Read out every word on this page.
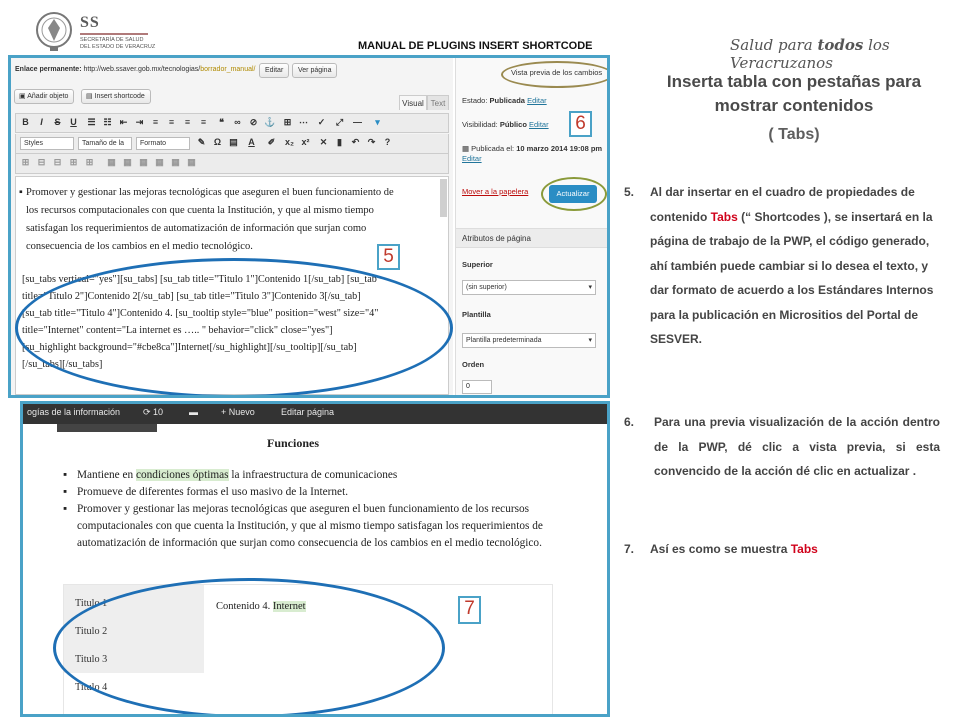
SS
SECRETARÍA DE SALUD
DEL ESTADO DE VERACRUZ	MANUAL DE PLUGINS INSERT SHORTCODE	Salud para todos los Veracruzanos
Enlace permanente: http://web.ssaver.gob.mx/tecnologias/borrador_manual/	Editar	Ver página
▣ Añadir objeto	▤ Insert shortcode
Visual Text
B	I	S U ☰ ☷ ⇤ ⇥	≡	≡	≡	≡	❝	∞ ⊘ ⚓ ⊞ ⋯ ✓ ⤢ —	▾
Styles	Tamaño de la	Formato	✎ Ω ▤ A ✐ x₂ x² ✕	▮	↶ ↷	?
⊞ ⊟ ⊟ ⊞ ⊞ ▦ ▦ ▦ ▦ ▦ ▦
▪ Promover y gestionar las mejoras tecnológicas que aseguren el buen funcionamiento de los recursos computacionales con que cuenta la Institución, y que al mismo tiempo satisfagan los requerimientos de automatización de información que surjan como consecuencia de los cambios en el medio tecnológico.
[su_tabs vertical="yes"][su_tabs] [su_tab title="Titulo 1"]Contenido 1[/su_tab] [su_tab title="Titulo 2"]Contenido 2[/su_tab] [su_tab title="Titulo 3"]Contenido 3[/su_tab] [su_tab title="Titulo 4"]Contenido 4. [su_tooltip style="blue" position="west" size="4" title="Internet" content="La internet es ….. " behavior="click" close="yes"] [su_highlight background="#cbe8ca"]Internet[/su_highlight][/su_tooltip][/su_tab] [/su_tabs][/su_tabs]
5
Vista previa de los cambios
Estado: Publicada Editar
Visibilidad: Público Editar
▦ Publicada el: 10 marzo 2014 19:08 pm
Editar
Mover a la papelera	Actualizar
6
Atributos de página
Superior
(sin superior)	▾
Plantilla
Plantilla predeterminada	▾
Orden
0
Inserta tabla con pestañas para mostrar contenidos
( Tabs)
5.	Al dar insertar en el cuadro de propiedades de contenido Tabs (“ Shortcodes ), se insertará en la página de trabajo de la PWP, el código generado, ahí también puede cambiar si lo desea el texto, y dar formato de acuerdo a los Estándares Internos para la publicación en Micrositios del Portal de SESVER.
6.	Para una previa visualización de la acción dentro de la PWP, dé clic a vista previa, si esta convencido de la acción dé clic en actualizar .
7.	Así es como se muestra Tabs
ogías de la información	⟳ 10	▬	+ Nuevo	Editar página
Funciones
▪ Mantiene en condiciones óptimas la infraestructura de comunicaciones
▪ Promueve de diferentes formas el uso masivo de la Internet.
▪ Promover y gestionar las mejoras tecnológicas que aseguren el buen funcionamiento de los recursos computacionales con que cuenta la Institución, y que al mismo tiempo satisfagan los requerimientos de automatización de información que surjan como consecuencia de los cambios en el medio tecnológico.
Titulo 1
Titulo 2
Titulo 3
Titulo 4
Contenido 4. Internet	7
